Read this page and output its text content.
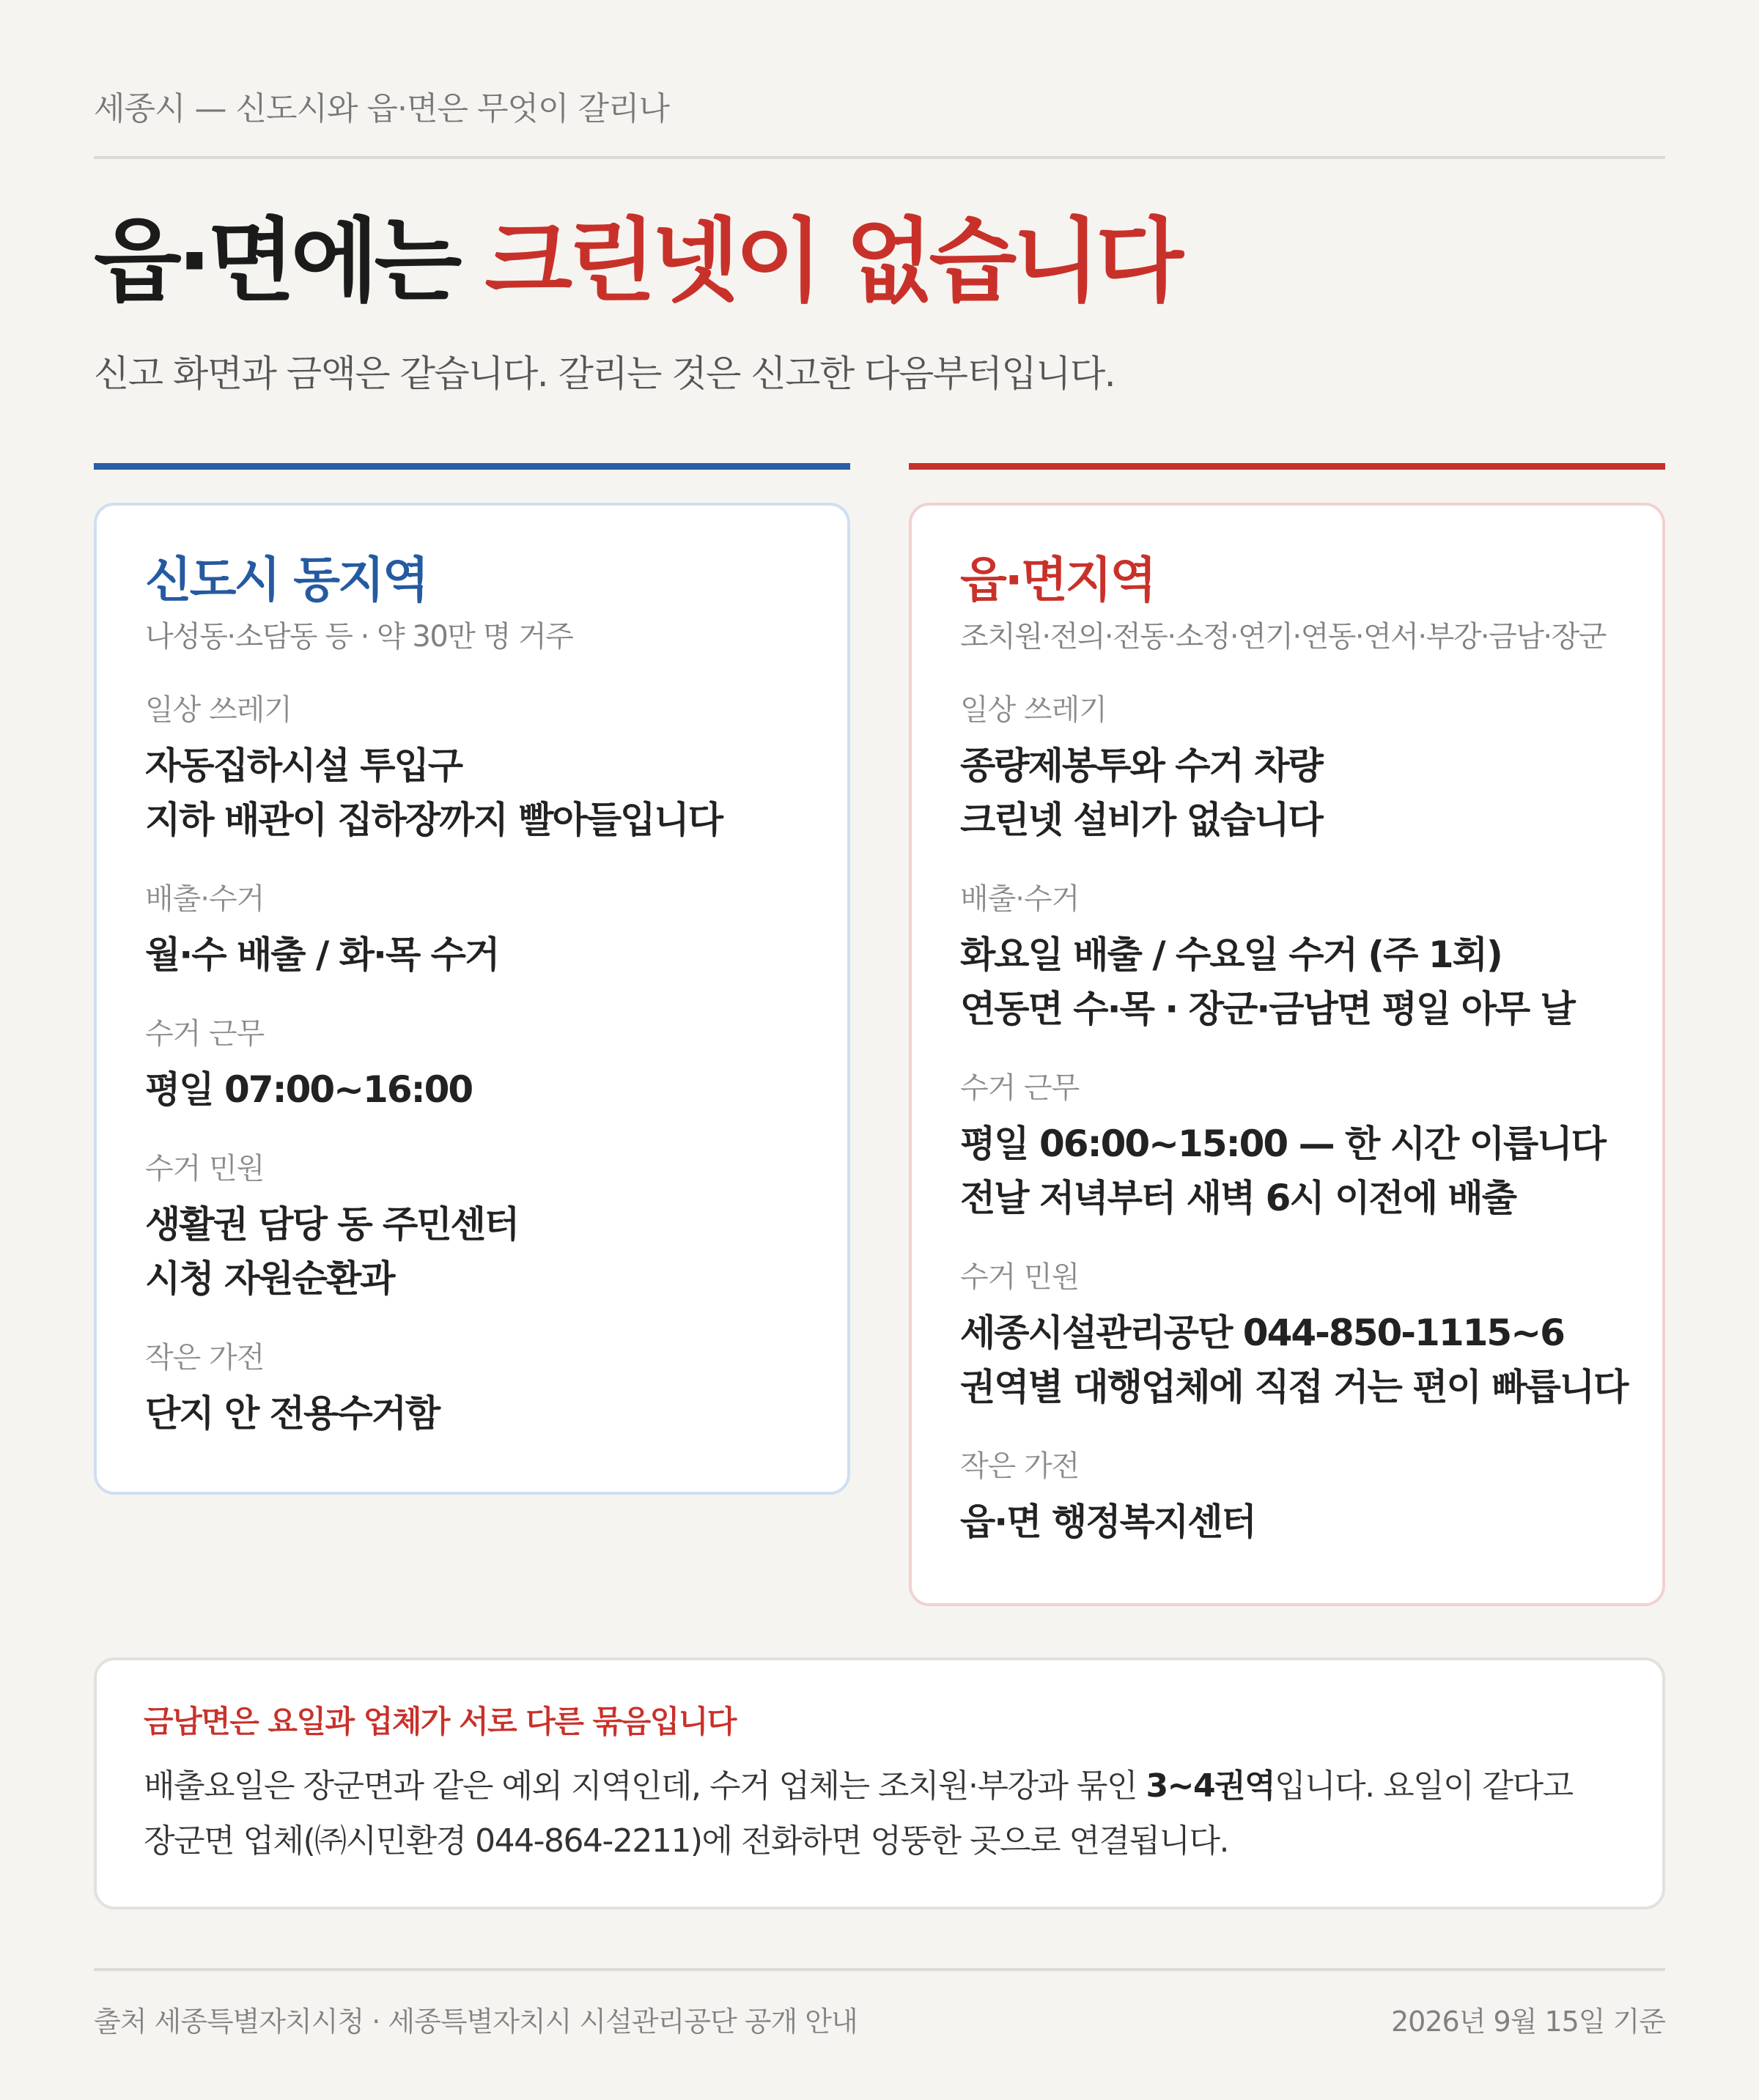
세종시 — 신도시와 읍·면은 무엇이 갈리나
읍·면에는 크린넷이 없습니다
신고 화면과 금액은 같습니다. 갈리는 것은 신고한 다음부터입니다.
신도시 동지역
나성동·소담동 등 · 약 30만 명 거주
일상 쓰레기
자동집하시설 투입구
지하 배관이 집하장까지 빨아들입니다
배출·수거
월·수 배출 / 화·목 수거
수거 근무
평일 07:00~16:00
수거 민원
생활권 담당 동 주민센터
시청 자원순환과
작은 가전
단지 안 전용수거함
읍·면지역
조치원·전의·전동·소정·연기·연동·연서·부강·금남·장군
일상 쓰레기
종량제봉투와 수거 차량
크린넷 설비가 없습니다
배출·수거
화요일 배출 / 수요일 수거 (주 1회)
연동면 수·목 · 장군·금남면 평일 아무 날
수거 근무
평일 06:00~15:00 — 한 시간 이릅니다
전날 저녁부터 새벽 6시 이전에 배출
수거 민원
세종시설관리공단 044-850-1115~6
권역별 대행업체에 직접 거는 편이 빠릅니다
작은 가전
읍·면 행정복지센터
금남면은 요일과 업체가 서로 다른 묶음입니다
배출요일은 장군면과 같은 예외 지역인데, 수거 업체는 조치원·부강과 묶인 3~4권역입니다. 요일이 같다고
장군면 업체(㈜시민환경 044-864-2211)에 전화하면 엉뚱한 곳으로 연결됩니다.
출처 세종특별자치시청 · 세종특별자치시 시설관리공단 공개 안내	2026년 9월 15일 기준
